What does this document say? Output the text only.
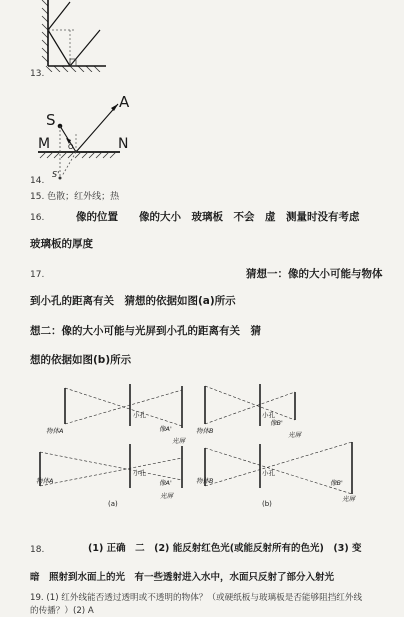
13.
S
A
M	N
O
S'
14.
15. 色散；红外线；热
16.	像的位置　　像的大小　玻璃板　不会　虚　测量时没有考虑
玻璃板的厚度
17.	猜想一：像的大小可能与物体
到小孔的距离有关　猜想的依据如图(a)所示
想二：像的大小可能与光屏到小孔的距离有关　猜
想的依据如图(b)所示
物体A
小孔
像A'
光屏
物体A
小孔
像A'
光屏
物体B
小孔
像B'
光屏
物体B
小孔
像B'
光屏
(a)	(b)
18.	(1) 正确　二　(2) 能反射红色光(或能反射所有的色光)　(3) 变
暗　照射到水面上的光　有一些透射进入水中，水面只反射了部分入射光
19. (1) 红外线能否透过透明或不透明的物体？（或硬纸板与玻璃板是否能够阻挡红外线
的传播？）(2) A
